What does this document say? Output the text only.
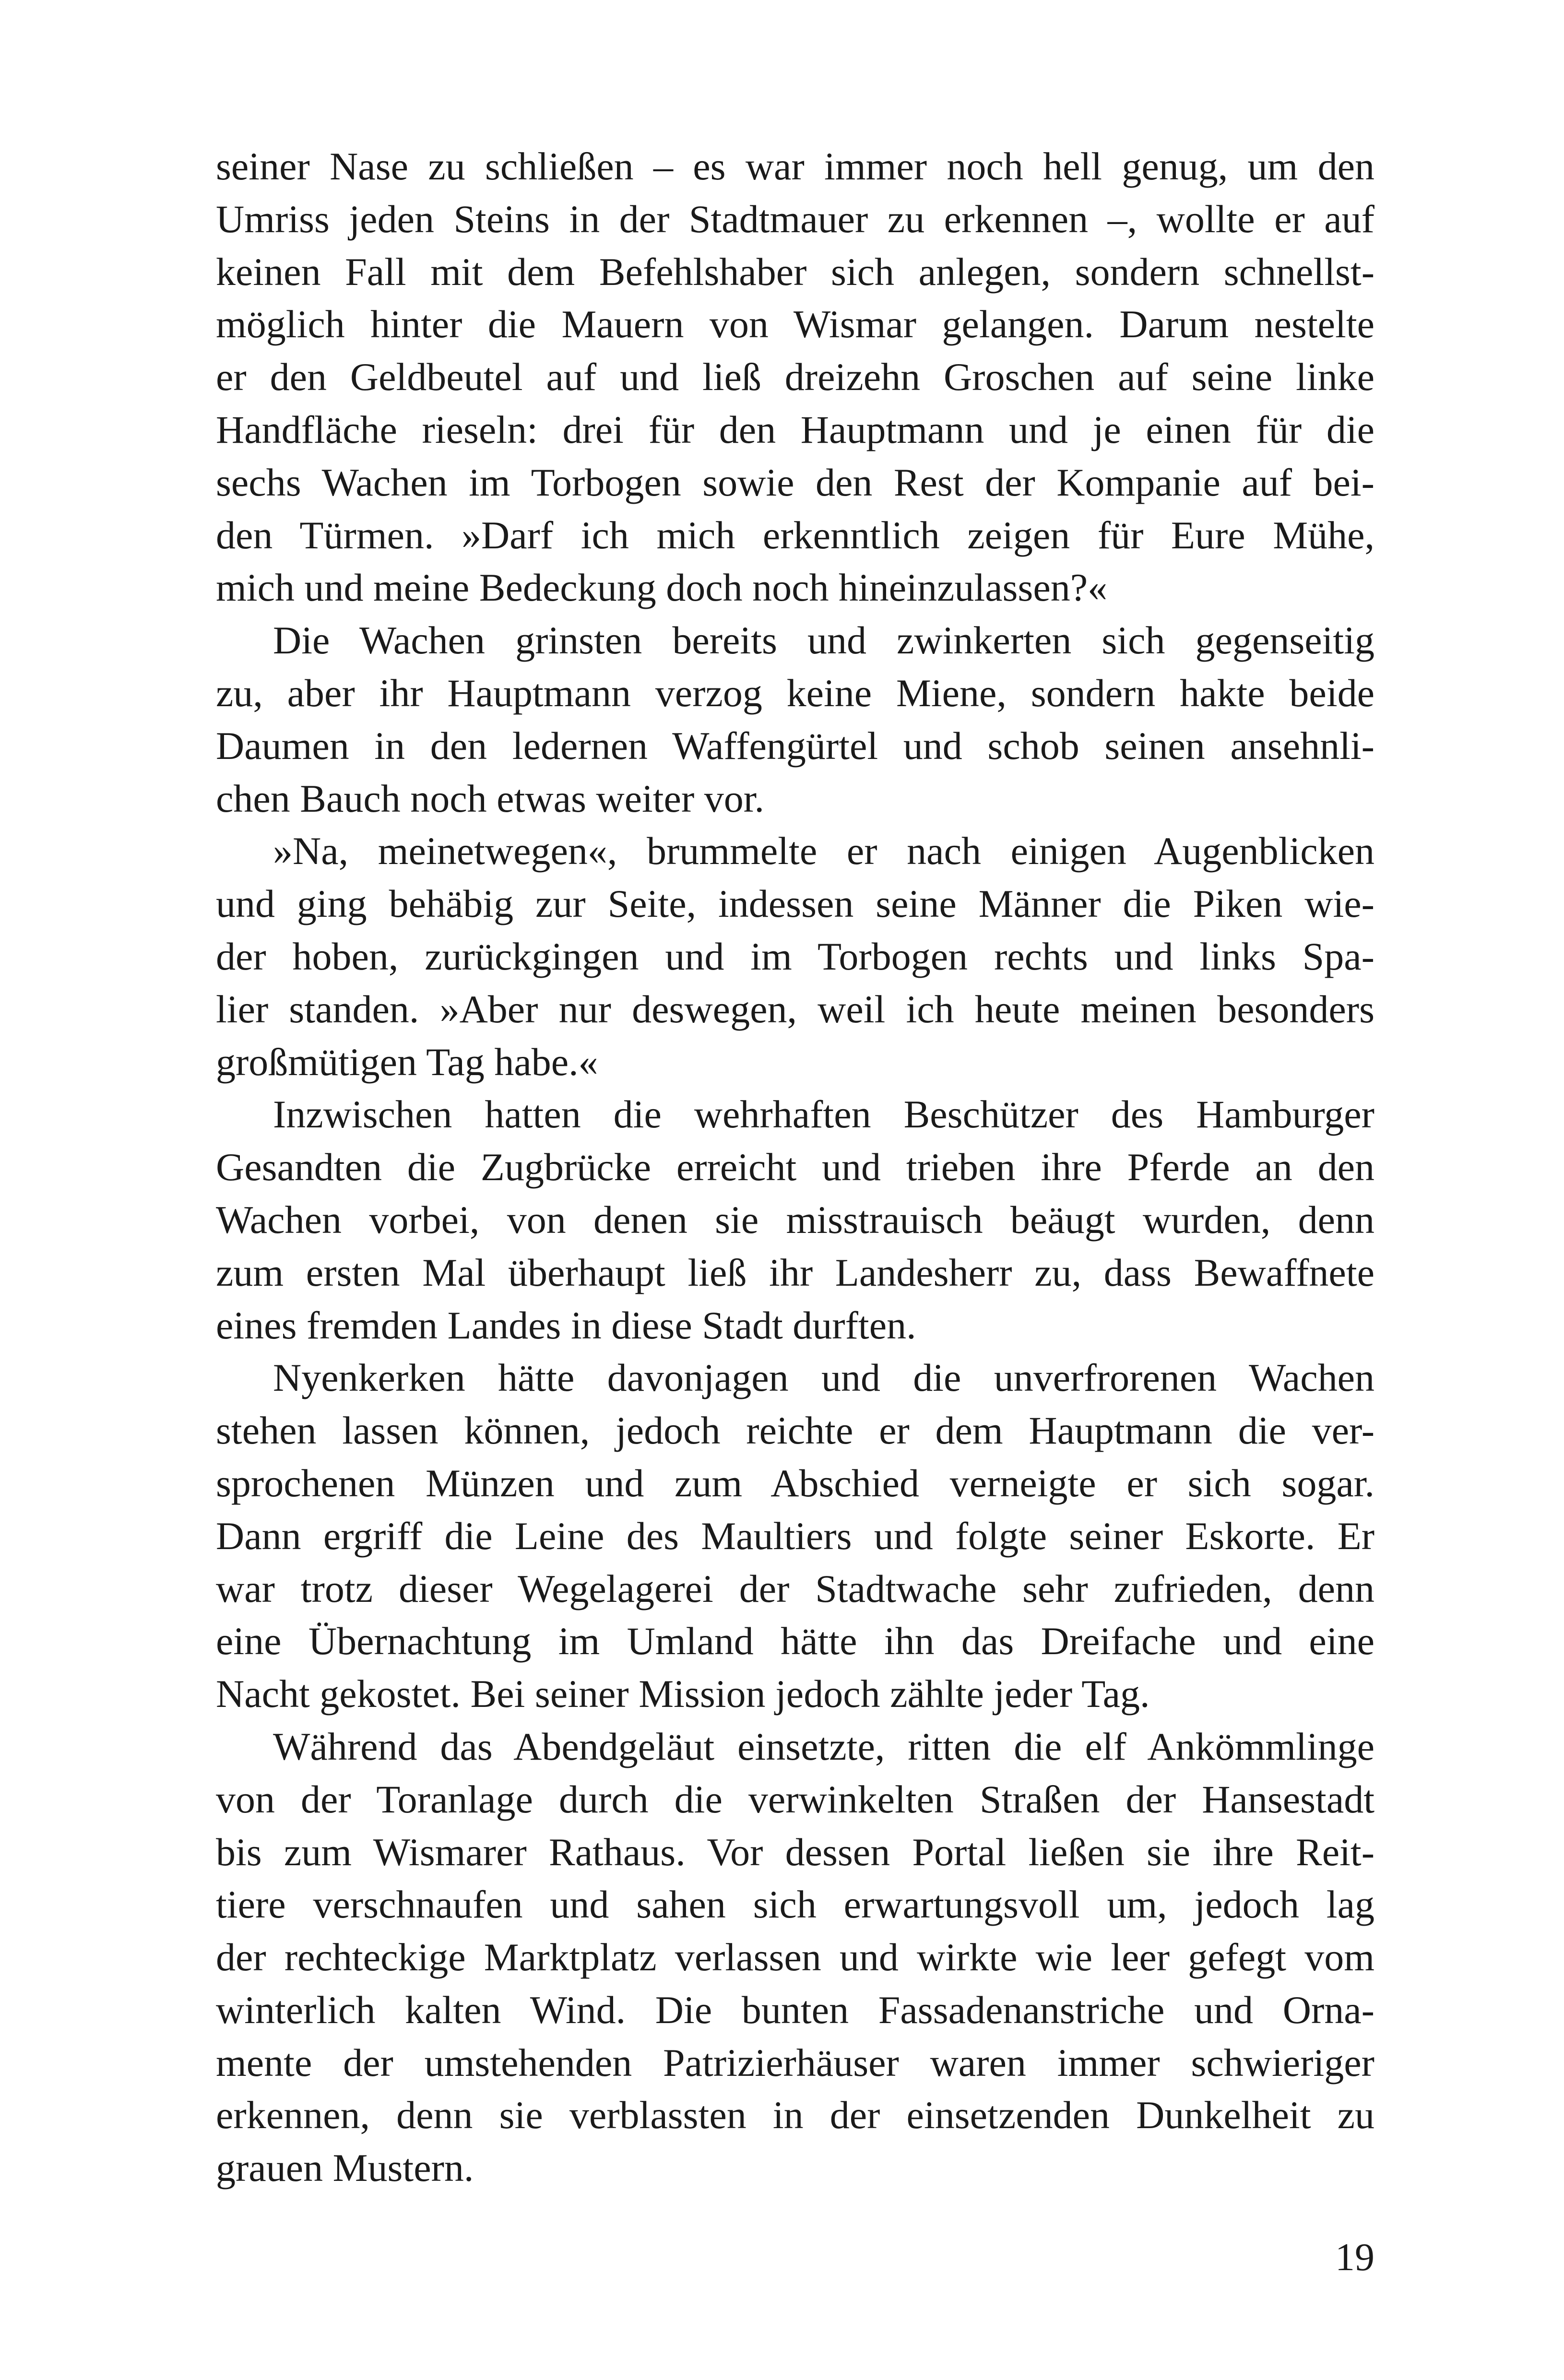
seiner Nase zu schließen – es war immer noch hell genug, um den
Umriss jeden Steins in der Stadtmauer zu erkennen –, wollte er auf
keinen Fall mit dem Befehlshaber sich anlegen, sondern schnellst-
möglich hinter die Mauern von Wismar gelangen. Darum nestelte
er den Geldbeutel auf und ließ dreizehn Groschen auf seine linke
Handfläche rieseln: drei für den Hauptmann und je einen für die
sechs Wachen im Torbogen sowie den Rest der Kompanie auf bei-
den Türmen. »Darf ich mich erkenntlich zeigen für Eure Mühe,
mich und meine Bedeckung doch noch hineinzulassen?«
Die Wachen grinsten bereits und zwinkerten sich gegenseitig
zu, aber ihr Hauptmann verzog keine Miene, sondern hakte beide
Daumen in den ledernen Waffengürtel und schob seinen ansehnli-
chen Bauch noch etwas weiter vor.
»Na, meinetwegen«, brummelte er nach einigen Augenblicken
und ging behäbig zur Seite, indessen seine Männer die Piken wie-
der hoben, zurückgingen und im Torbogen rechts und links Spa-
lier standen. »Aber nur deswegen, weil ich heute meinen besonders
großmütigen Tag habe.«
Inzwischen hatten die wehrhaften Beschützer des Hamburger
Gesandten die Zugbrücke erreicht und trieben ihre Pferde an den
Wachen vorbei, von denen sie misstrauisch beäugt wurden, denn
zum ersten Mal überhaupt ließ ihr Landesherr zu, dass Bewaffnete
eines fremden Landes in diese Stadt durften.
Nyenkerken hätte davonjagen und die unverfrorenen Wachen
stehen lassen können, jedoch reichte er dem Hauptmann die ver-
sprochenen Münzen und zum Abschied verneigte er sich sogar.
Dann ergriff die Leine des Maultiers und folgte seiner Eskorte. Er
war trotz dieser Wegelagerei der Stadtwache sehr zufrieden, denn
eine Übernachtung im Umland hätte ihn das Dreifache und eine
Nacht gekostet. Bei seiner Mission jedoch zählte jeder Tag.
Während das Abendgeläut einsetzte, ritten die elf Ankömmlinge
von der Toranlage durch die verwinkelten Straßen der Hansestadt
bis zum Wismarer Rathaus. Vor dessen Portal ließen sie ihre Reit-
tiere verschnaufen und sahen sich erwartungsvoll um, jedoch lag
der rechteckige Marktplatz verlassen und wirkte wie leer gefegt vom
winterlich kalten Wind. Die bunten Fassadenanstriche und Orna-
mente der umstehenden Patrizierhäuser waren immer schwieriger
erkennen, denn sie verblassten in der einsetzenden Dunkelheit zu
grauen Mustern.
19
